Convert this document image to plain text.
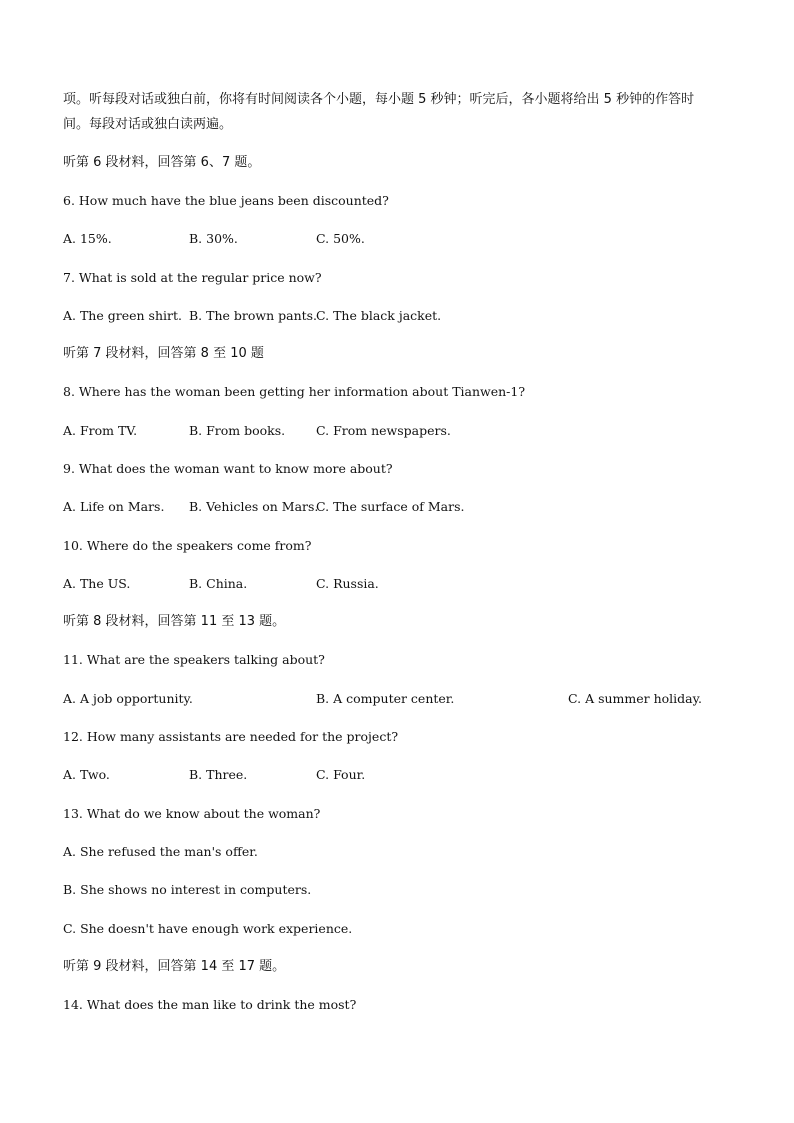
项。听每段对话或独白前，你将有时间阅读各个小题，每小题 5 秒钟；听完后，各小题将给出 5 秒钟的作答时
间。每段对话或独白读两遍。
听第 6 段材料，回答第 6、7 题。
6. How much have the blue jeans been discounted?
A. 15%.	B. 30%.	C. 50%.
7. What is sold at the regular price now?
A. The green shirt. B. The brown pants.
C. The black jacket.
听第 7 段材料，回答第 8 至 10 题
8. Where has the woman been getting her information about Tianwen-1?
A. From TV.	B. From books. C. From newspapers.
9. What does the woman want to know more about?
A. Life on Mars. B. Vehicles on Mars.
C. The surface of Mars.
10. Where do the speakers come from?
A. The US.	B. China.	C. Russia.
听第 8 段材料，回答第 11 至 13 题。
11. What are the speakers talking about?
A. A job opportunity.	B. A computer center.	C. A summer holiday.
12. How many assistants are needed for the project?
A. Two.	B. Three.	C. Four.
13. What do we know about the woman?
A. She refused the man's offer.
B. She shows no interest in computers.
C. She doesn't have enough work experience.
听第 9 段材料，回答第 14 至 17 题。
14. What does the man like to drink the most?
